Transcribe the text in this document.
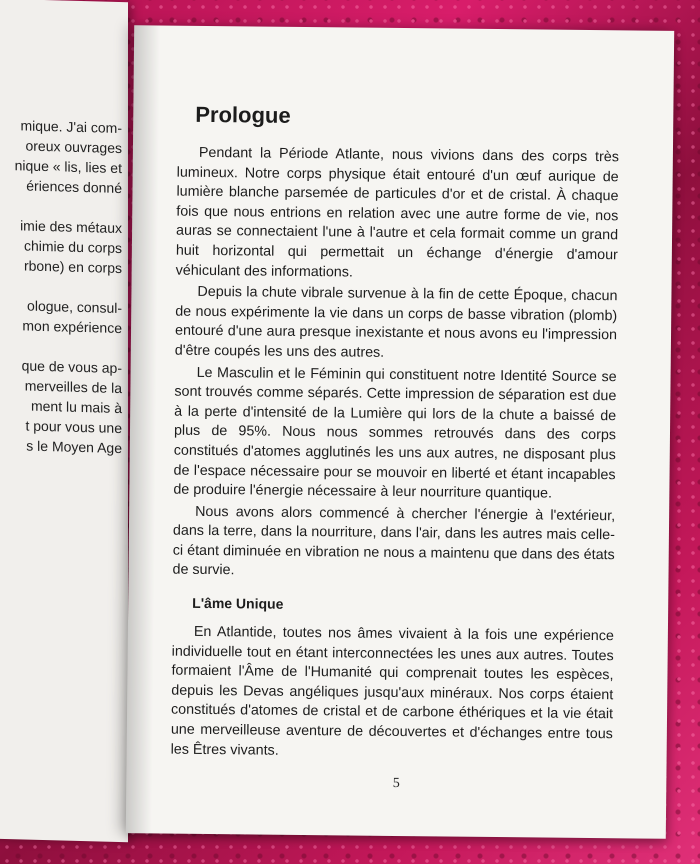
mique. J'ai com-
oreux ouvrages
nique « lis, lies et
ériences donné
imie des métaux
chimie du corps
rbone) en corps
ologue, consul-
mon expérience
que de vous ap-
merveilles de la
ment lu mais à
t pour vous une
s le Moyen Age
Prologue

Pendant la Période Atlante, nous vivions dans des corps très lumineux. Notre corps physique était entouré d'un œuf aurique de lumière blanche parsemée de particules d'or et de cristal. À chaque fois que nous entrions en relation avec une autre forme de vie, nos auras se connectaient l'une à l'autre et cela formait comme un grand huit horizontal qui permettait un échange d'énergie d'amour véhiculant des informations.

Depuis la chute vibrale survenue à la fin de cette Époque, chacun de nous expérimente la vie dans un corps de basse vibration (plomb) entouré d'une aura presque inexistante et nous avons eu l'impression d'être coupés les uns des autres.

Le Masculin et le Féminin qui constituent notre Identité Source se sont trouvés comme séparés. Cette impression de séparation est due à la perte d'intensité de la Lumière qui lors de la chute a baissé de plus de 95%. Nous nous sommes retrouvés dans des corps constitués d'atomes agglutinés les uns aux autres, ne disposant plus de l'espace nécessaire pour se mouvoir en liberté et étant incapables de produire l'énergie nécessaire à leur nourriture quantique.

Nous avons alors commencé à chercher l'énergie à l'extérieur, dans la terre, dans la nourriture, dans l'air, dans les autres mais celle-ci étant diminuée en vibration ne nous a maintenu que dans des états de survie.

L'âme Unique

En Atlantide, toutes nos âmes vivaient à la fois une expérience individuelle tout en étant interconnectées les unes aux autres. Toutes formaient l'Âme de l'Humanité qui comprenait toutes les espèces, depuis les Devas angéliques jusqu'aux minéraux. Nos corps étaient constitués d'atomes de cristal et de carbone éthériques et la vie était une merveilleuse aventure de découvertes et d'échanges entre tous les Êtres vivants.

5
